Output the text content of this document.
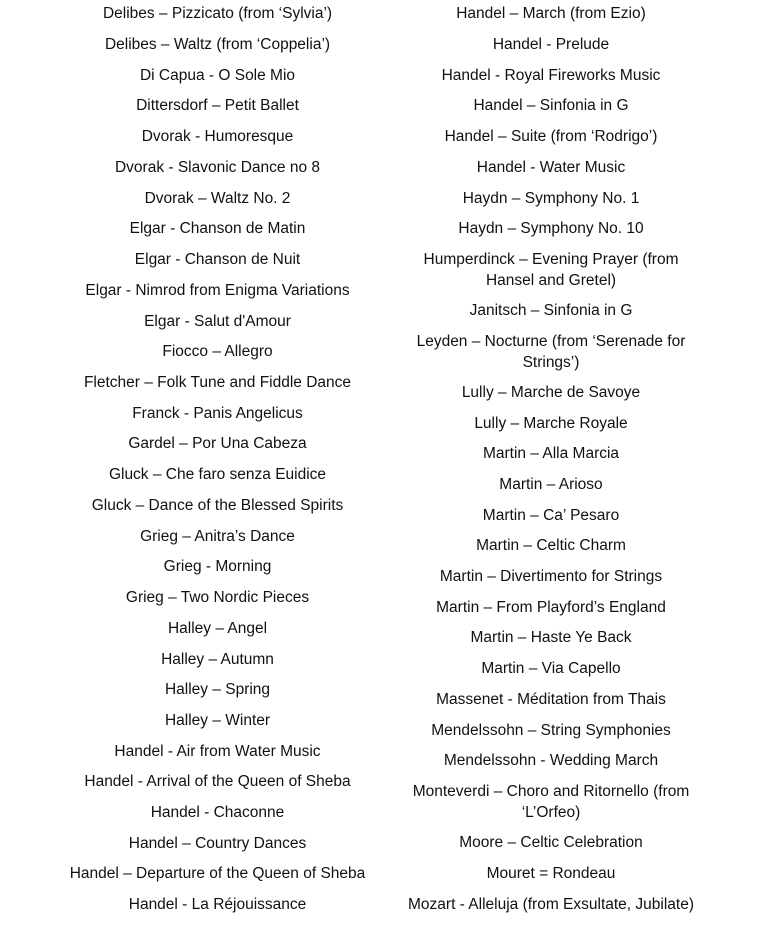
Delibes – Pizzicato (from ‘Sylvia’)
Delibes – Waltz (from ‘Coppelia’)
Di Capua - O Sole Mio
Dittersdorf – Petit Ballet
Dvorak - Humoresque
Dvorak - Slavonic Dance no 8
Dvorak – Waltz No. 2
Elgar - Chanson de Matin
Elgar - Chanson de Nuit
Elgar - Nimrod from Enigma Variations
Elgar - Salut d'Amour
Fiocco – Allegro
Fletcher – Folk Tune and Fiddle Dance
Franck - Panis Angelicus
Gardel – Por Una Cabeza
Gluck – Che faro senza Euidice
Gluck – Dance of the Blessed Spirits
Grieg – Anitra’s Dance
Grieg - Morning
Grieg – Two Nordic Pieces
Halley – Angel
Halley – Autumn
Halley – Spring
Halley – Winter
Handel - Air from Water Music
Handel - Arrival of the Queen of Sheba
Handel - Chaconne
Handel – Country Dances
Handel – Departure of the Queen of Sheba
Handel - La Réjouissance
Handel – March (from Ezio)
Handel - Prelude
Handel - Royal Fireworks Music
Handel – Sinfonia in G
Handel – Suite (from ‘Rodrigo’)
Handel - Water Music
Haydn – Symphony No. 1
Haydn – Symphony No. 10
Humperdinck – Evening Prayer (from Hansel and Gretel)
Janitsch – Sinfonia in G
Leyden – Nocturne (from ‘Serenade for Strings’)
Lully – Marche de Savoye
Lully – Marche Royale
Martin – Alla Marcia
Martin – Arioso
Martin – Ca’ Pesaro
Martin – Celtic Charm
Martin – Divertimento for Strings
Martin – From Playford’s England
Martin – Haste Ye Back
Martin – Via Capello
Massenet - Méditation from Thais
Mendelssohn – String Symphonies
Mendelssohn - Wedding March
Monteverdi – Choro and Ritornello (from ‘L’Orfeo)
Moore – Celtic Celebration
Mouret = Rondeau
Mozart - Alleluja (from Exsultate, Jubilate)
